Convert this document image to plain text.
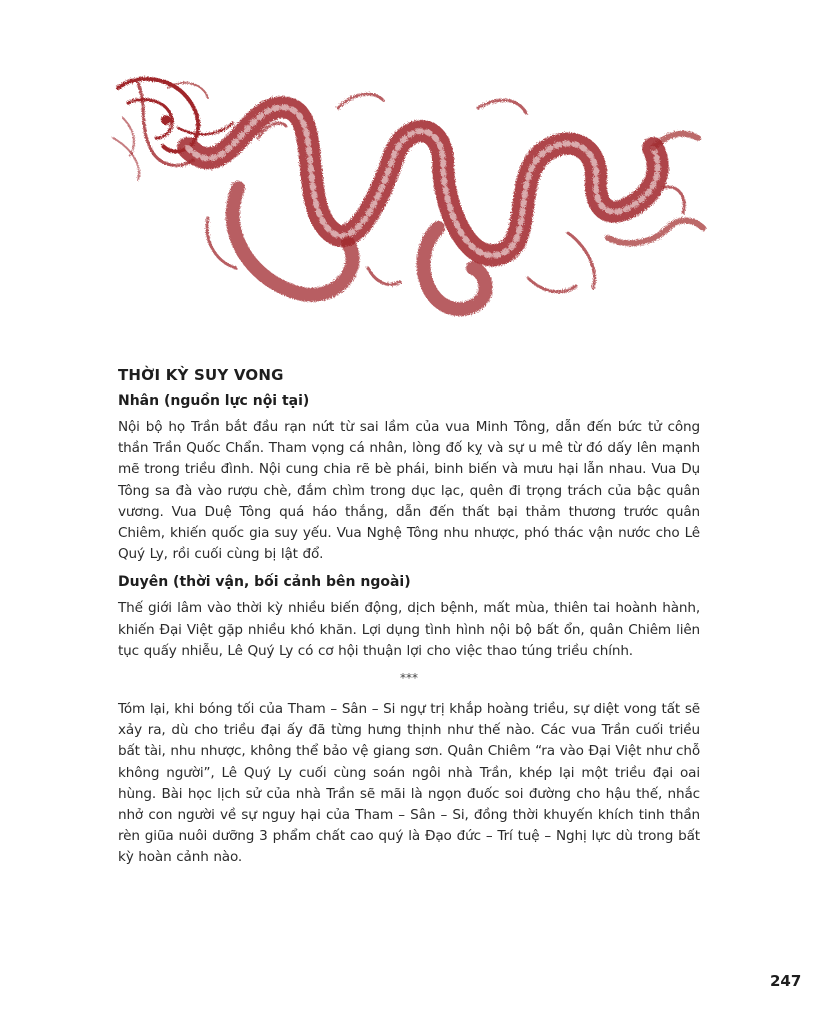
THỜI KỲ SUY VONG
Nhân (nguồn lực nội tại)

Nội bộ họ Trần bắt đầu rạn nứt từ sai lầm của vua Minh Tông, dẫn đến bức tử công thần Trần Quốc Chẩn. Tham vọng cá nhân, lòng đố kỵ và sự u mê từ đó dấy lên mạnh mẽ trong triều đình. Nội cung chia rẽ bè phái, binh biến và mưu hại lẫn nhau. Vua Dụ Tông sa đà vào rượu chè, đắm chìm trong dục lạc, quên đi trọng trách của bậc quân vương. Vua Duệ Tông quá háo thắng, dẫn đến thất bại thảm thương trước quân Chiêm, khiến quốc gia suy yếu. Vua Nghệ Tông nhu nhược, phó thác vận nước cho Lê Quý Ly, rồi cuối cùng bị lật đổ.

Duyên (thời vận, bối cảnh bên ngoài)

Thế giới lâm vào thời kỳ nhiều biến động, dịch bệnh, mất mùa, thiên tai hoành hành, khiến Đại Việt gặp nhiều khó khăn. Lợi dụng tình hình nội bộ bất ổn, quân Chiêm liên tục quấy nhiễu, Lê Quý Ly có cơ hội thuận lợi cho việc thao túng triều chính.

***

Tóm lại, khi bóng tối của Tham – Sân – Si ngự trị khắp hoàng triều, sự diệt vong tất sẽ xảy ra, dù cho triều đại ấy đã từng hưng thịnh như thế nào. Các vua Trần cuối triều bất tài, nhu nhược, không thể bảo vệ giang sơn. Quân Chiêm “ra vào Đại Việt như chỗ không người”, Lê Quý Ly cuối cùng soán ngôi nhà Trần, khép lại một triều đại oai hùng. Bài học lịch sử của nhà Trần sẽ mãi là ngọn đuốc soi đường cho hậu thế, nhắc nhở con người về sự nguy hại của Tham – Sân – Si, đồng thời khuyến khích tinh thần rèn giũa nuôi dưỡng 3 phẩm chất cao quý là Đạo đức – Trí tuệ – Nghị lực dù trong bất kỳ hoàn cảnh nào.

247
